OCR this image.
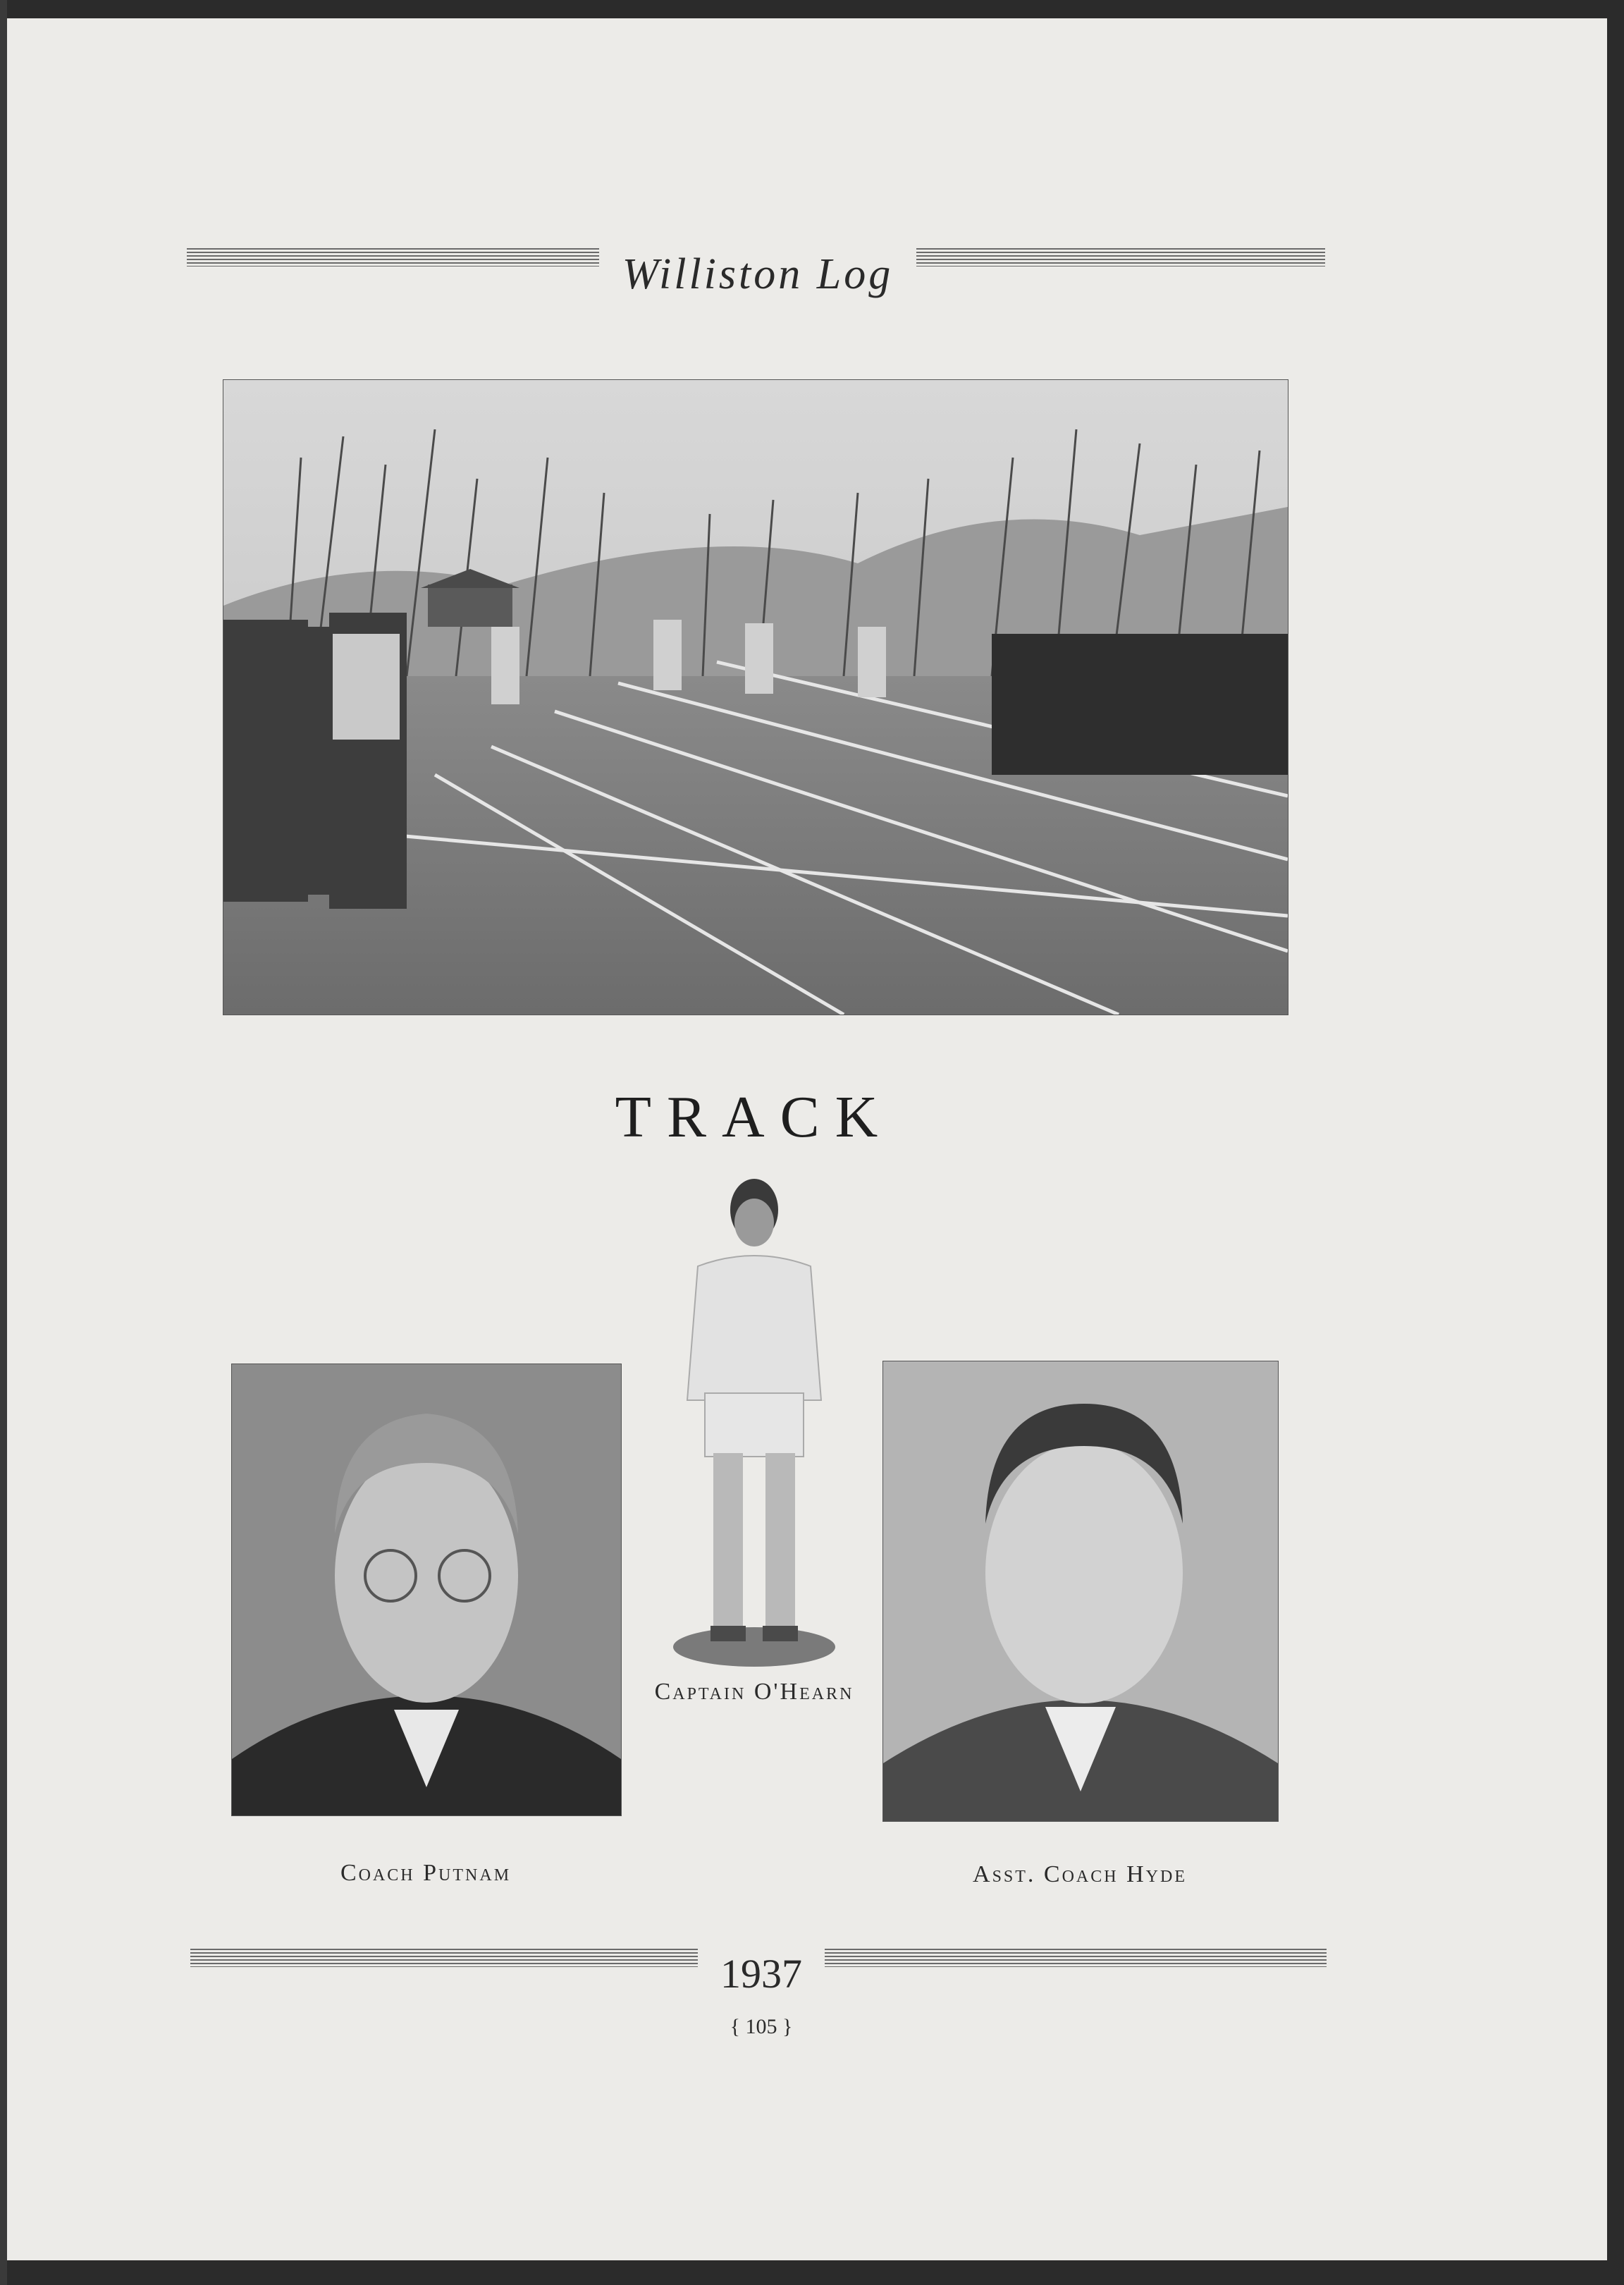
Williston Log
TRACK
Captain O'Hearn
Coach Putnam	Asst. Coach Hyde
1937
{ 105 }
